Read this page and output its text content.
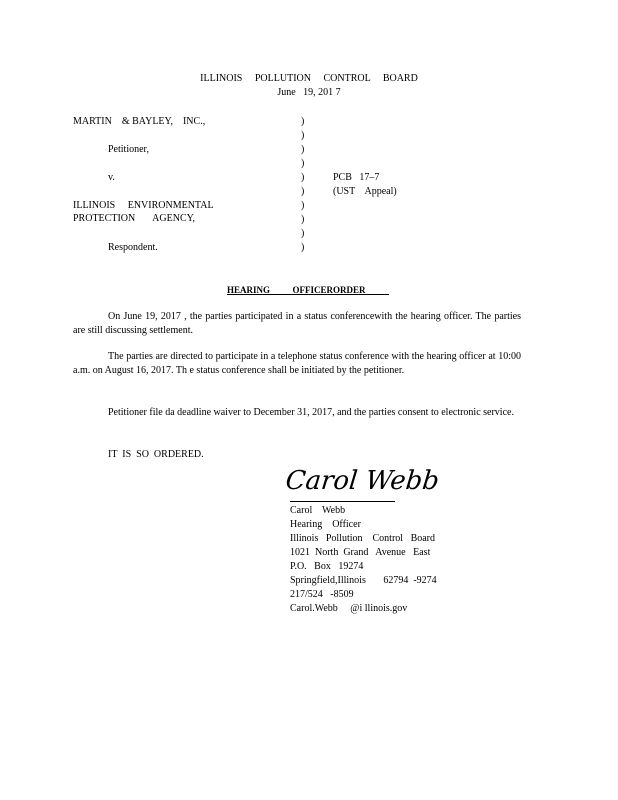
ILLINOIS     POLLUTION     CONTROL     BOARD
June   19, 201 7
MARTIN    & BAYLEY,    INC.,
Petitioner,
v.
ILLINOIS     ENVIRONMENTAL
PROTECTION       AGENCY,
Respondent.
)
)
)
)
)
)
)
)
)
)
PCB   17–7
(UST    Appeal)
HEARING          OFFICERORDER
On June 19, 2017 , the parties participated in a status conferencewith the hearing officer. The parties are still discussing settlement.
The parties are directed to participate in a telephone status conference with the hearing officer at 10:00 a.m. on August 16, 2017. Th e status conference shall be initiated by the petitioner.
Petitioner file da deadline waiver to December 31, 2017, and the parties consent to electronic service.
IT  IS  SO  ORDERED.
Carol Webb
Carol    Webb
Hearing    Officer
Illinois   Pollution    Control   Board
1021  North  Grand   Avenue   East
P.O.   Box   19274
Springfield,Illinois       62794  -9274
217/524   -8509
Carol.Webb     @i llinois.gov
